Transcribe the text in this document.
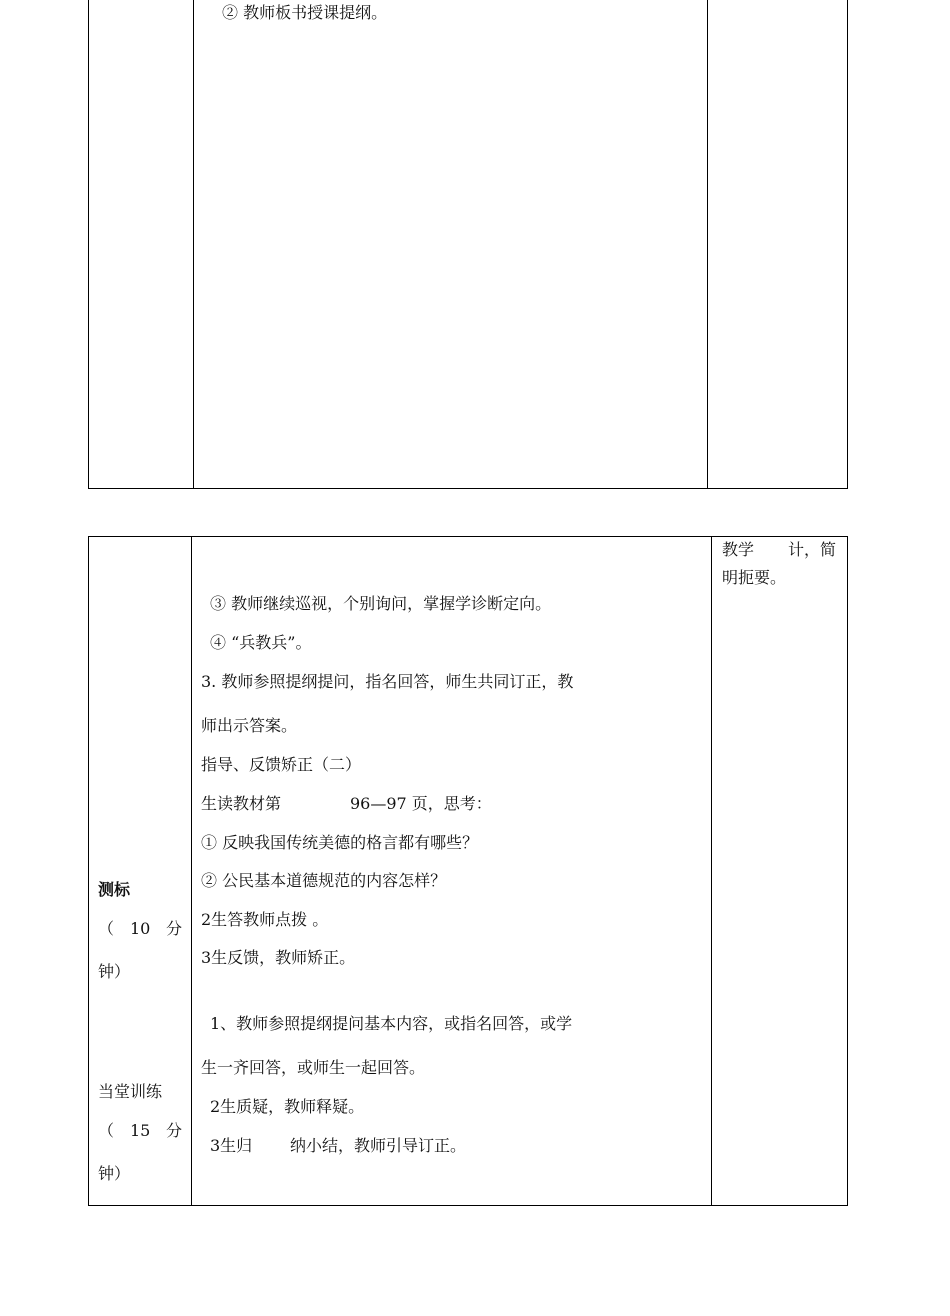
② 教师板书授课提纲。
测标
（ 10 分
钟）
当堂训练
（ 15 分
钟）
③ 教师继续巡视，个别询问，掌握学诊断定向。
④ “兵教兵”。
3. 教师参照提纲提问，指名回答，师生共同订正，教
师出示答案。
指导、反馈矫正（二）
生读教材第	96—97 页，思考：
① 反映我国传统美德的格言都有哪些？
② 公民基本道德规范的内容怎样？
2生答教师点拨 。
3生反馈，教师矫正。
1、教师参照提纲提问基本内容，或指名回答，或学
生一齐回答，或师生一起回答。
2生质疑，教师释疑。
3生归 纳小结，教师引导订正。
教学 计，简
明扼要。
